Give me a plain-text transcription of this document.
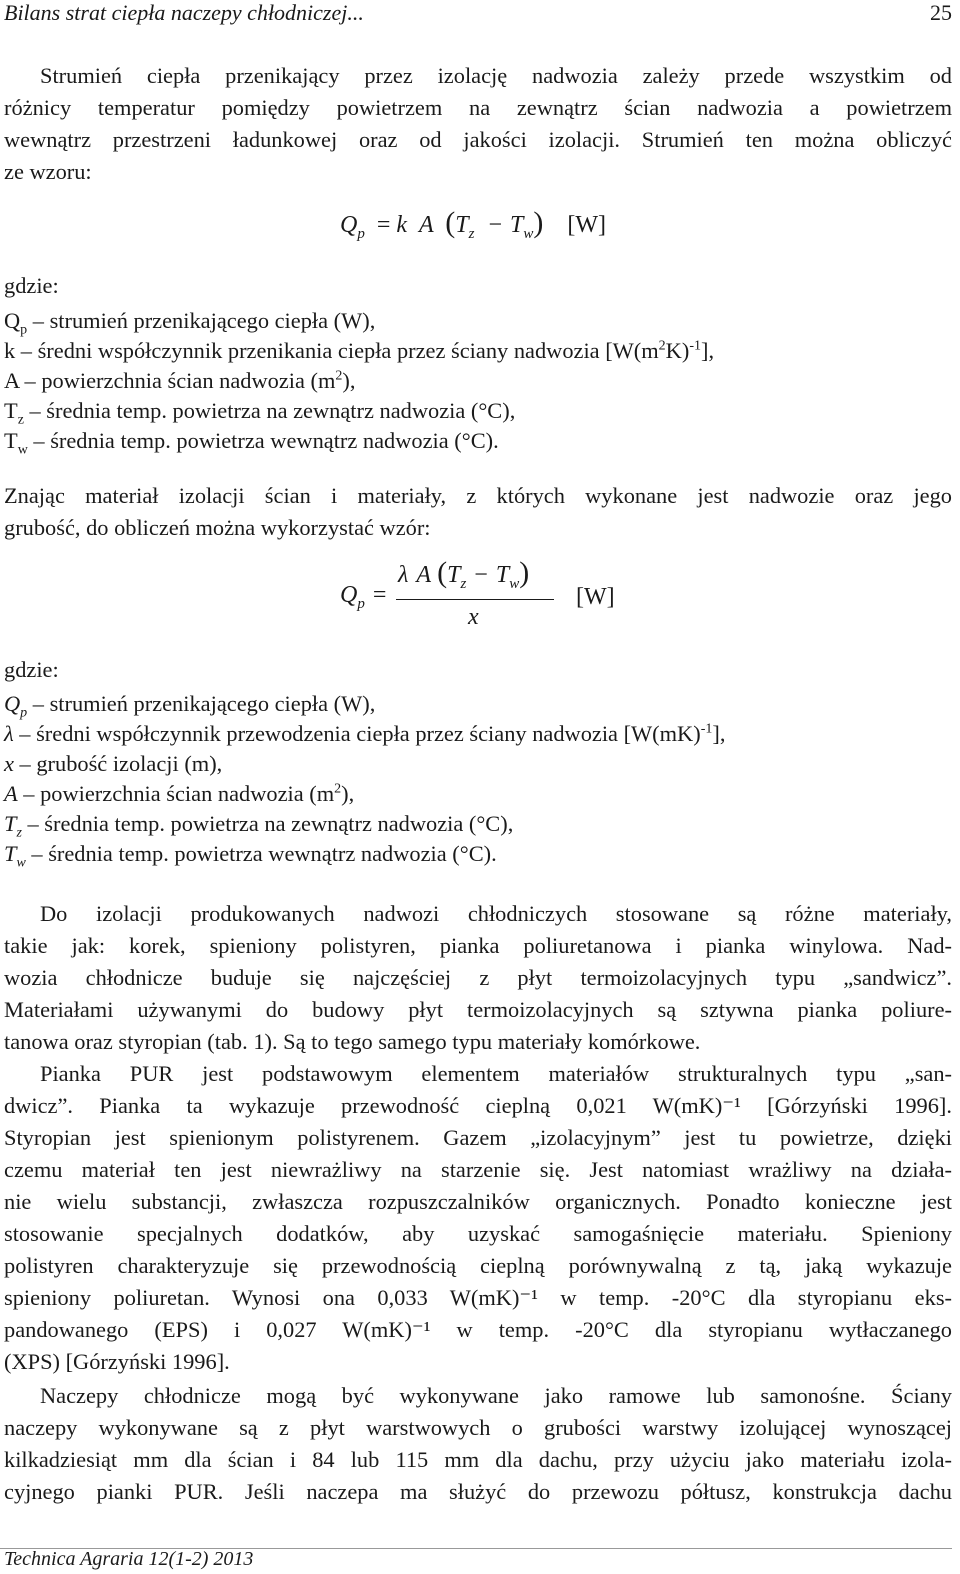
Bilans strat ciepła naczepy chłodniczej...	25
Strumień ciepła przenikający przez izolację nadwozia zależy przede wszystkim od
różnicy temperatur pomiędzy powietrzem na zewnątrz ścian nadwozia a powietrzem
wewnątrz przestrzeni ładunkowej oraz od jakości izolacji. Strumień ten można obliczyć
ze wzoru:
$Q_p = k$ A $(T_z - T_w)$ [W]
gdzie:
$Q_p$ – strumień przenikającego ciepła (W),
k – średni współczynnik przenikania ciepła przez ściany nadwozia $[W(m^2K)^{-1}]$,
A – powierzchnia ścian nadwozia $(m^2)$,
$T_z$ – średnia temp. powietrza na zewnątrz nadwozia (°C),
$T_w$ – średnia temp. powietrza wewnątrz nadwozia (°C).
Znając materiał izolacji ścian i materiały, z których wykonane jest nadwozie oraz jego
grubość, do obliczeń można wykorzystać wzór:
$Q_p$ =
λ A $(T_z - T_w)$
x
[W]
gdzie:
$Q_p$ – strumień przenikającego ciepła (W),
λ – średni współczynnik przewodzenia ciepła przez ściany nadwozia [W(mK)$^{-1}$],
x – grubość izolacji (m),
A – powierzchnia ścian nadwozia $(m^2)$,
$T_z$ – średnia temp. powietrza na zewnątrz nadwozia (°C),
$T_w$ – średnia temp. powietrza wewnątrz nadwozia (°C).
Do izolacji produkowanych nadwozi chłodniczych stosowane są różne materiały,
takie jak: korek, spieniony polistyren, pianka poliuretanowa i pianka winylowa. Nad-
wozia chłodnicze buduje się najczęściej z płyt termoizolacyjnych typu „sandwicz”.
Materiałami używanymi do budowy płyt termoizolacyjnych są sztywna pianka poliure-
tanowa oraz styropian (tab. 1). Są to tego samego typu materiały komórkowe.
Pianka PUR jest podstawowym elementem materiałów strukturalnych typu „san-
dwicz”. Pianka ta wykazuje przewodność cieplną 0,021 W(mK)⁻¹ [Górzyński 1996].
Styropian jest spienionym polistyrenem. Gazem „izolacyjnym” jest tu powietrze, dzięki
czemu materiał ten jest niewrażliwy na starzenie się. Jest natomiast wrażliwy na działa-
nie wielu substancji, zwłaszcza rozpuszczalników organicznych. Ponadto konieczne jest
stosowanie specjalnych dodatków, aby uzyskać samogaśnięcie materiału. Spieniony
polistyren charakteryzuje się przewodnością cieplną porównywalną z tą, jaką wykazuje
spieniony poliuretan. Wynosi ona 0,033 W(mK)⁻¹ w temp. -20°C dla styropianu eks-
pandowanego (EPS) i 0,027 W(mK)⁻¹ w temp. -20°C dla styropianu wytłaczanego
(XPS) [Górzyński 1996].
Naczepy chłodnicze mogą być wykonywane jako ramowe lub samonośne. Ściany
naczepy wykonywane są z płyt warstwowych o grubości warstwy izolującej wynoszącej
kilkadziesiąt mm dla ścian i 84 lub 115 mm dla dachu, przy użyciu jako materiału izola-
cyjnego pianki PUR. Jeśli naczepa ma służyć do przewozu półtusz, konstrukcja dachu
Technica Agraria 12(1-2) 2013
